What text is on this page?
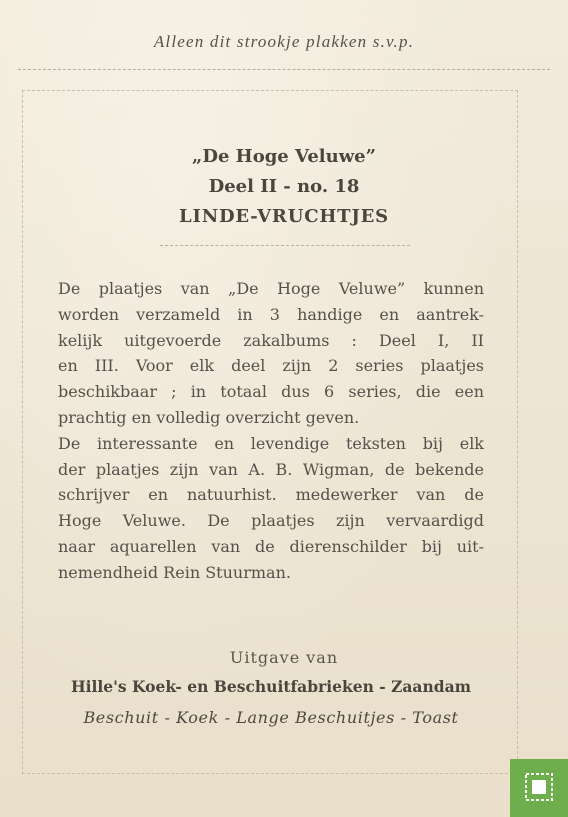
Alleen dit strookje plakken s.v.p.
„De Hoge Veluwe”
Deel II - no. 18
LINDE-VRUCHTJES
De plaatjes van „De Hoge Veluwe” kunnen
worden verzameld in 3 handige en aantrek-
kelijk uitgevoerde zakalbums : Deel I, II
en III. Voor elk deel zijn 2 series plaatjes
beschikbaar ; in totaal dus 6 series, die een
prachtig en volledig overzicht geven.
De interessante en levendige teksten bij elk
der plaatjes zijn van A. B. Wigman, de bekende
schrijver en natuurhist. medewerker van de
Hoge Veluwe. De plaatjes zijn vervaardigd
naar aquarellen van de dierenschilder bij uit-
nemendheid Rein Stuurman.
Uitgave van
Hille's Koek- en Beschuitfabrieken - Zaandam
Beschuit - Koek - Lange Beschuitjes - Toast
